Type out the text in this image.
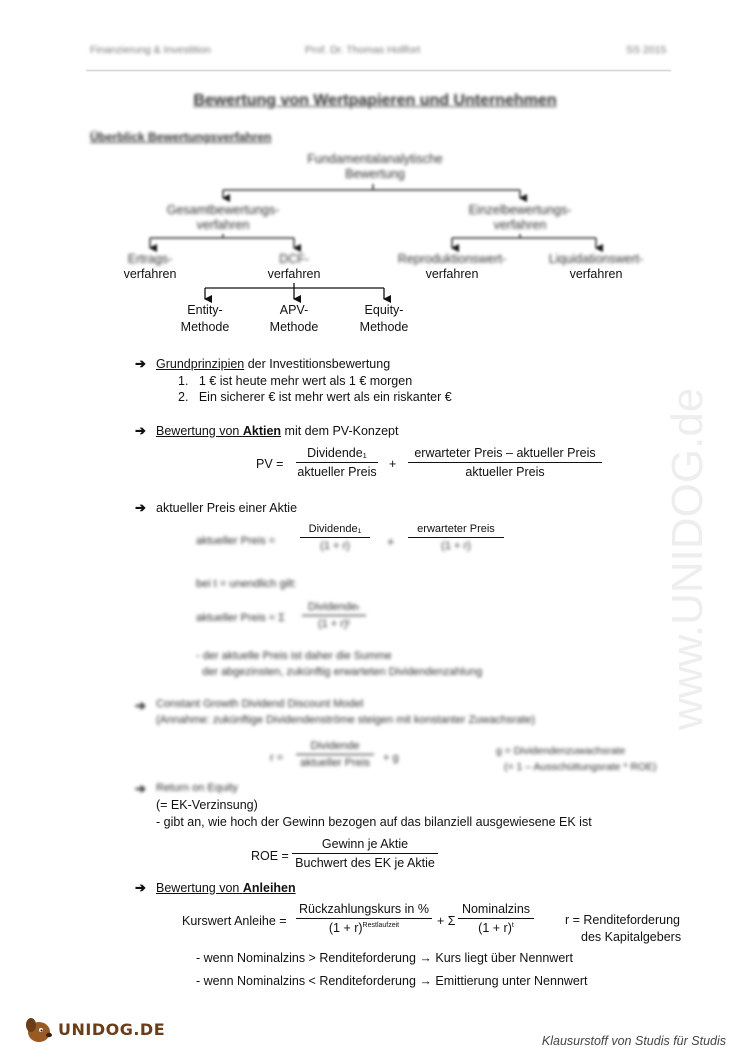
Finanzierung & Investition	Prof. Dr. Thomas Hollfort	SS 2015
Bewertung von Wertpapieren und Unternehmen
Überblick Bewertungsverfahren
Fundamentalanalytische
Bewertung
Gesamtbewertungs-
verfahren
Einzelbewertungs-
verfahren
Ertrags-
verfahren
DCF-
verfahren
Reproduktionswert-
verfahren
Liquidationswert-
verfahren
Entity-
Methode
APV-
Methode
Equity-
Methode
➔ Grundprinzipien der Investitionsbewertung
1.   1 € ist heute mehr wert als 1 € morgen
2.   Ein sicherer € ist mehr wert als ein riskanter €
➔ Bewertung von Aktien mit dem PV-Konzept
PV =
Dividende₁
aktueller Preis
+
erwarteter Preis – aktueller Preis
aktueller Preis
➔ aktueller Preis einer Aktie
aktueller Preis =
Dividende₁
(1 + r)	+
erwarteter Preis
(1 + r)
bei t = unendlich gilt:
aktueller Preis = Σ
Dividendeₜ
(1 + r)ᵗ
- der aktuelle Preis ist daher die Summe
der abgezinsten, zukünftig erwarteten Dividendenzahlung
➔ Constant Growth Dividend Discount Model
(Annahme: zukünftige Dividendenströme steigen mit konstanter Zuwachsrate)
r =
Dividende
aktueller Preis	+ g
g = Dividendenzuwachsrate
(= 1 – Ausschüttungsrate * ROE)
➔ Return on Equity
(= EK-Verzinsung)
- gibt an, wie hoch der Gewinn bezogen auf das bilanziell ausgewiesene EK ist
ROE =
Gewinn je Aktie
Buchwert des EK je Aktie
➔ Bewertung von Anleihen
Kurswert Anleihe =
Rückzahlungskurs in %
$(1 + r)^{Restlaufzeit}$	+ Σ
Nominalzins
$(1 + r)^t$	r = Renditeforderung
des Kapitalgebers
- wenn Nominalzins > Renditeforderung → Kurs liegt über Nennwert
- wenn Nominalzins < Renditeforderung → Emittierung unter Nennwert
www.UNIDOG.de
UNIDOG.DE
Klausurstoff von Studis für Studis
